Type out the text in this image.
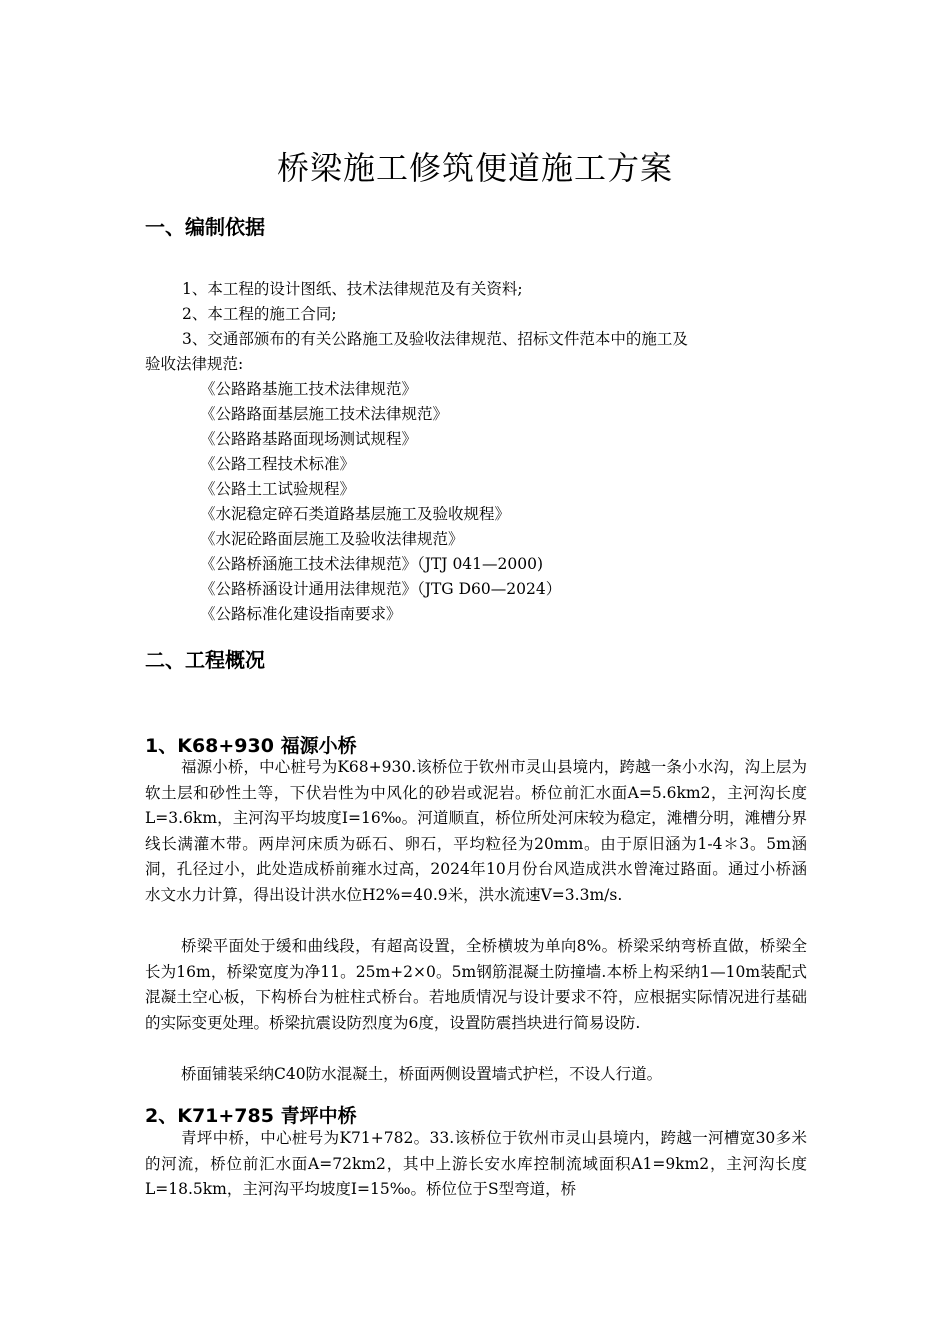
桥梁施工修筑便道施工方案
一、编制依据
1、本工程的设计图纸、技术法律规范及有关资料;
2、本工程的施工合同;
3、交通部颁布的有关公路施工及验收法律规范、招标文件范本中的施工及
验收法律规范:
《公路路基施工技术法律规范》
《公路路面基层施工技术法律规范》
《公路路基路面现场测试规程》
《公路工程技术标准》
《公路土工试验规程》
《水泥稳定碎石类道路基层施工及验收规程》
《水泥砼路面层施工及验收法律规范》
《公路桥涵施工技术法律规范》（JTJ 041—2000)
《公路桥涵设计通用法律规范》（JTG D60—2024）
《公路标准化建设指南要求》
二、工程概况
1、K68+930 福源小桥
福源小桥，中心桩号为K68+930.该桥位于钦州市灵山县境内，跨越一条小水沟，沟上层为软土层和砂性土等，下伏岩性为中风化的砂岩或泥岩。桥位前汇水面A=5.6km2，主河沟长度L=3.6km，主河沟平均坡度I=16‰。河道顺直，桥位所处河床较为稳定，滩槽分明，滩槽分界线长满灌木带。两岸河床质为砾石、卵石，平均粒径为20mm。由于原旧涵为1-4＊3。5m涵洞，孔径过小，此处造成桥前雍水过高，2024年10月份台风造成洪水曾淹过路面。通过小桥涵水文水力计算，得出设计洪水位H2%=40.9米，洪水流速V=3.3m/s.
桥梁平面处于缓和曲线段，有超高设置，全桥横坡为单向8%。桥梁采纳弯桥直做，桥梁全长为16m，桥梁宽度为净11。25m+2×0。5m钢筋混凝土防撞墙.本桥上构采纳1—10m装配式混凝土空心板，下构桥台为桩柱式桥台。若地质情况与设计要求不符，应根据实际情况进行基础的实际变更处理。桥梁抗震设防烈度为6度，设置防震挡块进行简易设防.
桥面铺装采纳C40防水混凝土，桥面两侧设置墙式护栏，不设人行道。
2、K71+785 青坪中桥
青坪中桥，中心桩号为K71+782。33.该桥位于钦州市灵山县境内，跨越一河槽宽30多米的河流，桥位前汇水面A=72km2，其中上游长安水库控制流域面积A1=9km2，主河沟长度L=18.5km，主河沟平均坡度I=15‰。桥位位于S型弯道，桥
